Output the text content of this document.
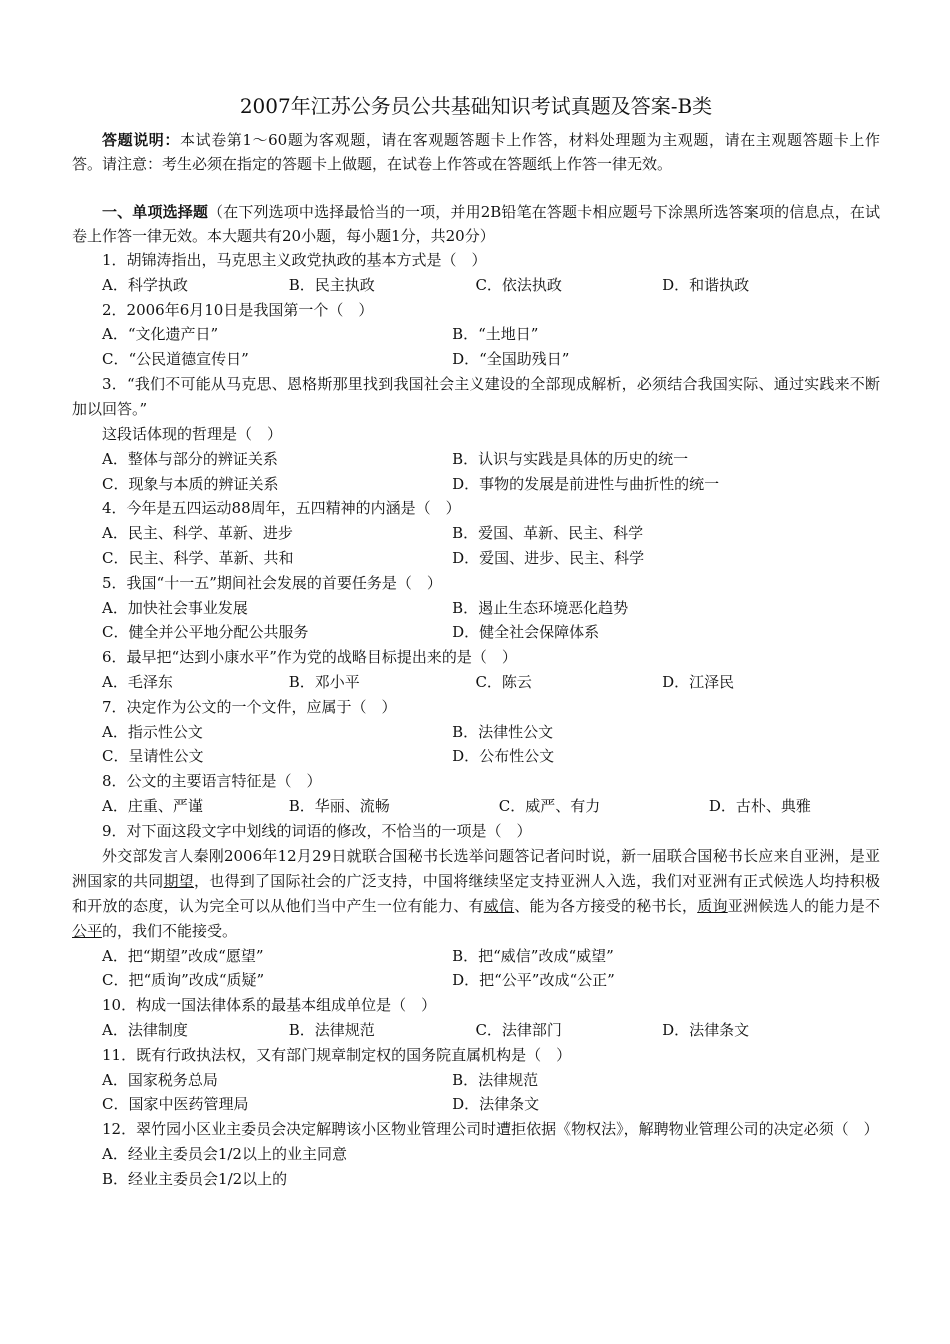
2007年江苏公务员公共基础知识考试真题及答案-B类

答题说明：本试卷第1～60题为客观题，请在客观题答题卡上作答，材料处理题为主观题，请在主观题答题卡上作答。请注意：考生必须在指定的答题卡上做题，在试卷上作答或在答题纸上作答一律无效。

一、单项选择题（在下列选项中选择最恰当的一项，并用2B铅笔在答题卡相应题号下涂黑所选答案项的信息点，在试卷上作答一律无效。本大题共有20小题，每小题1分，共20分）

1．胡锦涛指出，马克思主义政党执政的基本方式是（　）

A．科学执政	B．民主执政	C．依法执政	D．和谐执政

2．2006年6月10日是我国第一个（　）

A．“文化遗产日”	B．“土地日”
C．“公民道德宣传日”	D．“全国助残日”

3．“我们不可能从马克思、恩格斯那里找到我国社会主义建设的全部现成解析，必须结合我国实际、通过实践来不断加以回答。”

这段话体现的哲理是（　）

A．整体与部分的辨证关系	B．认识与实践是具体的历史的统一
C．现象与本质的辨证关系	D．事物的发展是前进性与曲折性的统一

4．今年是五四运动88周年，五四精神的内涵是（　）

A．民主、科学、革新、进步	B．爱国、革新、民主、科学
C．民主、科学、革新、共和	D．爱国、进步、民主、科学

5．我国“十一五”期间社会发展的首要任务是（　）

A．加快社会事业发展	B．遏止生态环境恶化趋势
C．健全并公平地分配公共服务	D．健全社会保障体系

6．最早把“达到小康水平”作为党的战略目标提出来的是（　）

A．毛泽东	B．邓小平	C．陈云	D．江泽民

7．决定作为公文的一个文件，应属于（　）

A．指示性公文	B．法律性公文
C．呈请性公文	D．公布性公文

8．公文的主要语言特征是（　）

A．庄重、严谨	B．华丽、流畅	C．威严、有力	D．古朴、典雅

9．对下面这段文字中划线的词语的修改，不恰当的一项是（　）

外交部发言人秦刚2006年12月29日就联合国秘书长选举问题答记者问时说，新一届联合国秘书长应来自亚洲，是亚洲国家的共同期望，也得到了国际社会的广泛支持，中国将继续坚定支持亚洲人入选，我们对亚洲有正式候选人均持积极和开放的态度，认为完全可以从他们当中产生一位有能力、有威信、能为各方接受的秘书长，质询亚洲候选人的能力是不公平的，我们不能接受。

A．把“期望”改成“愿望”	B．把“威信”改成“威望”
C．把“质询”改成“质疑”	D．把“公平”改成“公正”

10．构成一国法律体系的最基本组成单位是（　）

A．法律制度	B．法律规范	C．法律部门	D．法律条文

11．既有行政执法权，又有部门规章制定权的国务院直属机构是（　）

A．国家税务总局	B．法律规范
C．国家中医药管理局	D．法律条文

12．翠竹园小区业主委员会决定解聘该小区物业管理公司时遭拒依据《物权法》，解聘物业管理公司的决定必须（　）

A．经业主委员会1/2以上的业主同意

B．经业主委员会1/2以上的
